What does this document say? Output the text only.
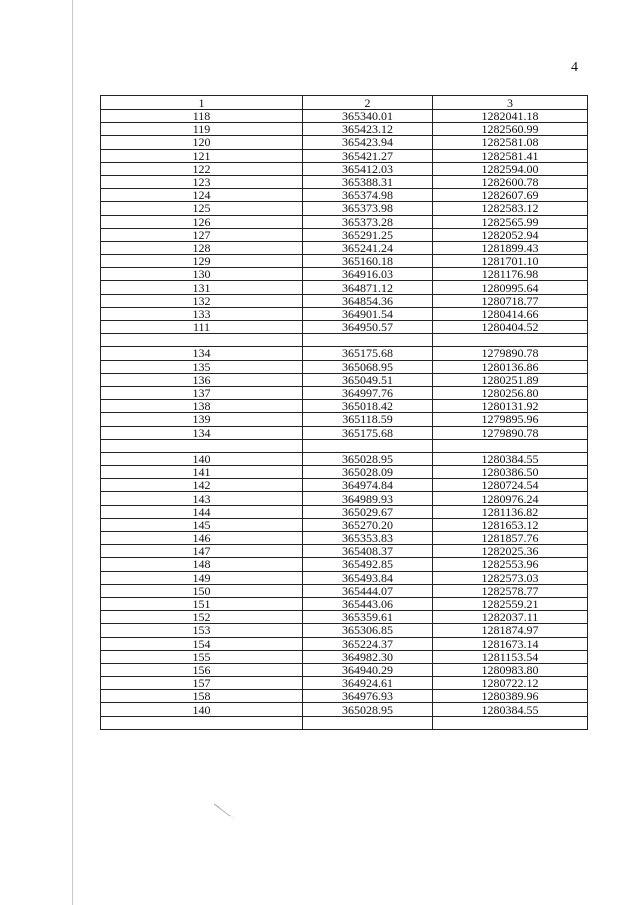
4
1	2	3
118	365340.01	1282041.18
119	365423.12	1282560.99
120	365423.94	1282581.08
121	365421.27	1282581.41
122	365412.03	1282594.00
123	365388.31	1282600.78
124	365374.98	1282607.69
125	365373.98	1282583.12
126	365373.28	1282565.99
127	365291.25	1282052.94
128	365241.24	1281899.43
129	365160.18	1281701.10
130	364916.03	1281176.98
131	364871.12	1280995.64
132	364854.36	1280718.77
133	364901.54	1280414.66
111	364950.57	1280404.52

134	365175.68	1279890.78
135	365068.95	1280136.86
136	365049.51	1280251.89
137	364997.76	1280256.80
138	365018.42	1280131.92
139	365118.59	1279895.96
134	365175.68	1279890.78

140	365028.95	1280384.55
141	365028.09	1280386.50
142	364974.84	1280724.54
143	364989.93	1280976.24
144	365029.67	1281136.82
145	365270.20	1281653.12
146	365353.83	1281857.76
147	365408.37	1282025.36
148	365492.85	1282553.96
149	365493.84	1282573.03
150	365444.07	1282578.77
151	365443.06	1282559.21
152	365359.61	1282037.11
153	365306.85	1281874.97
154	365224.37	1281673.14
155	364982.30	1281153.54
156	364940.29	1280983.80
157	364924.61	1280722.12
158	364976.93	1280389.96
140	365028.95	1280384.55
